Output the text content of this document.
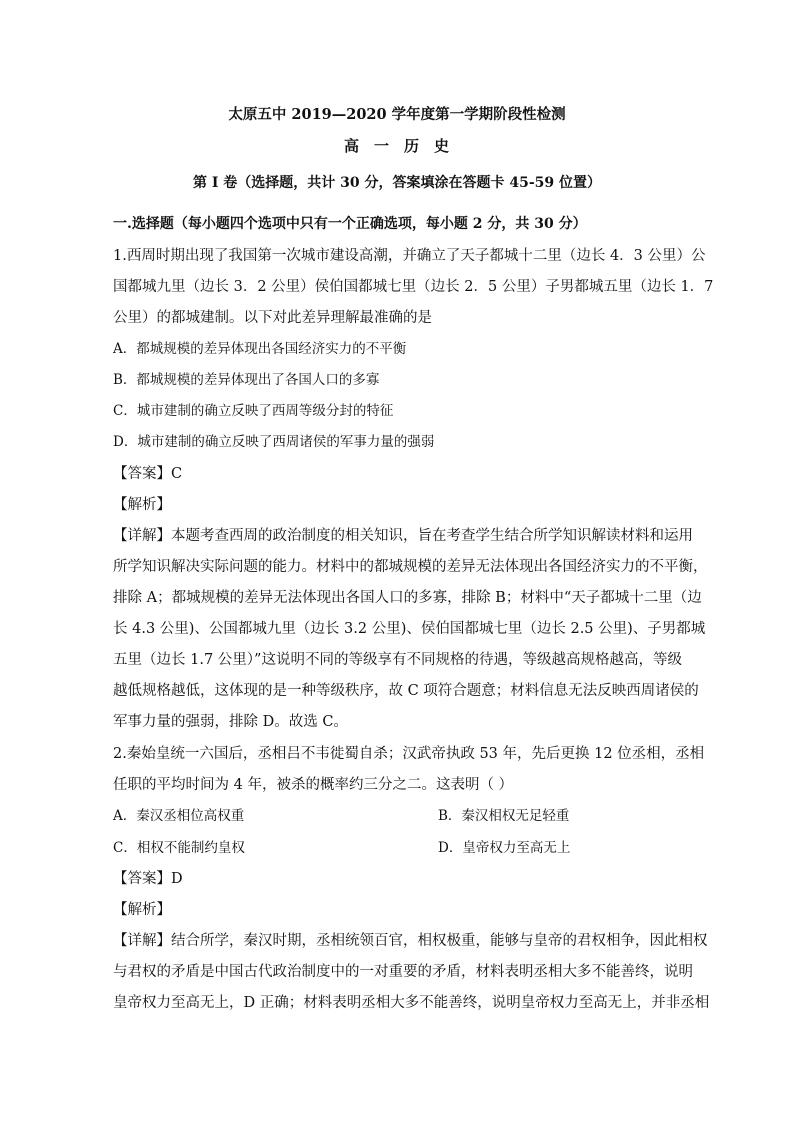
太原五中 2019—2020 学年度第一学期阶段性检测
高 一 历 史
第 I 卷（选择题，共计 30 分，答案填涂在答题卡 45-59 位置）
一.选择题（每小题四个选项中只有一个正确选项，每小题 2 分，共 30 分）
1.西周时期出现了我国第一次城市建设高潮，并确立了天子都城十二里（边长 4．3 公里）公
国都城九里（边长 3．2 公里）侯伯国都城七里（边长 2．5 公里）子男都城五里（边长 1．7
公里）的都城建制。以下对此差异理解最准确的是
A．都城规模的差异体现出各国经济实力的不平衡
B．都城规模的差异体现出了各国人口的多寡
C．城市建制的确立反映了西周等级分封的特征
D．城市建制的确立反映了西周诸侯的军事力量的强弱
【答案】C
【解析】
【详解】本题考查西周的政治制度的相关知识，旨在考查学生结合所学知识解读材料和运用
所学知识解决实际问题的能力。材料中的都城规模的差异无法体现出各国经济实力的不平衡，
排除 A；都城规模的差异无法体现出各国人口的多寡，排除 B；材料中“天子都城十二里（边
长 4.3 公里)、公国都城九里（边长 3.2 公里)、侯伯国都城七里（边长 2.5 公里)、子男都城
五里（边长 1.7 公里）”这说明不同的等级享有不同规格的待遇，等级越高规格越高，等级
越低规格越低，这体现的是一种等级秩序，故 C 项符合题意；材料信息无法反映西周诸侯的
军事力量的强弱，排除 D。故选 C。
2.秦始皇统一六国后，丞相吕不韦徙蜀自杀；汉武帝执政 53 年，先后更换 12 位丞相，丞相
任职的平均时间为 4 年，被杀的概率约三分之二。这表明（ ）
A．秦汉丞相位高权重	B．秦汉相权无足轻重
C．相权不能制约皇权	D．皇帝权力至高无上
【答案】D
【解析】
【详解】结合所学，秦汉时期，丞相统领百官，相权极重，能够与皇帝的君权相争，因此相权
与君权的矛盾是中国古代政治制度中的一对重要的矛盾，材料表明丞相大多不能善终，说明
皇帝权力至高无上，D 正确；材料表明丞相大多不能善终，说明皇帝权力至高无上，并非丞相
